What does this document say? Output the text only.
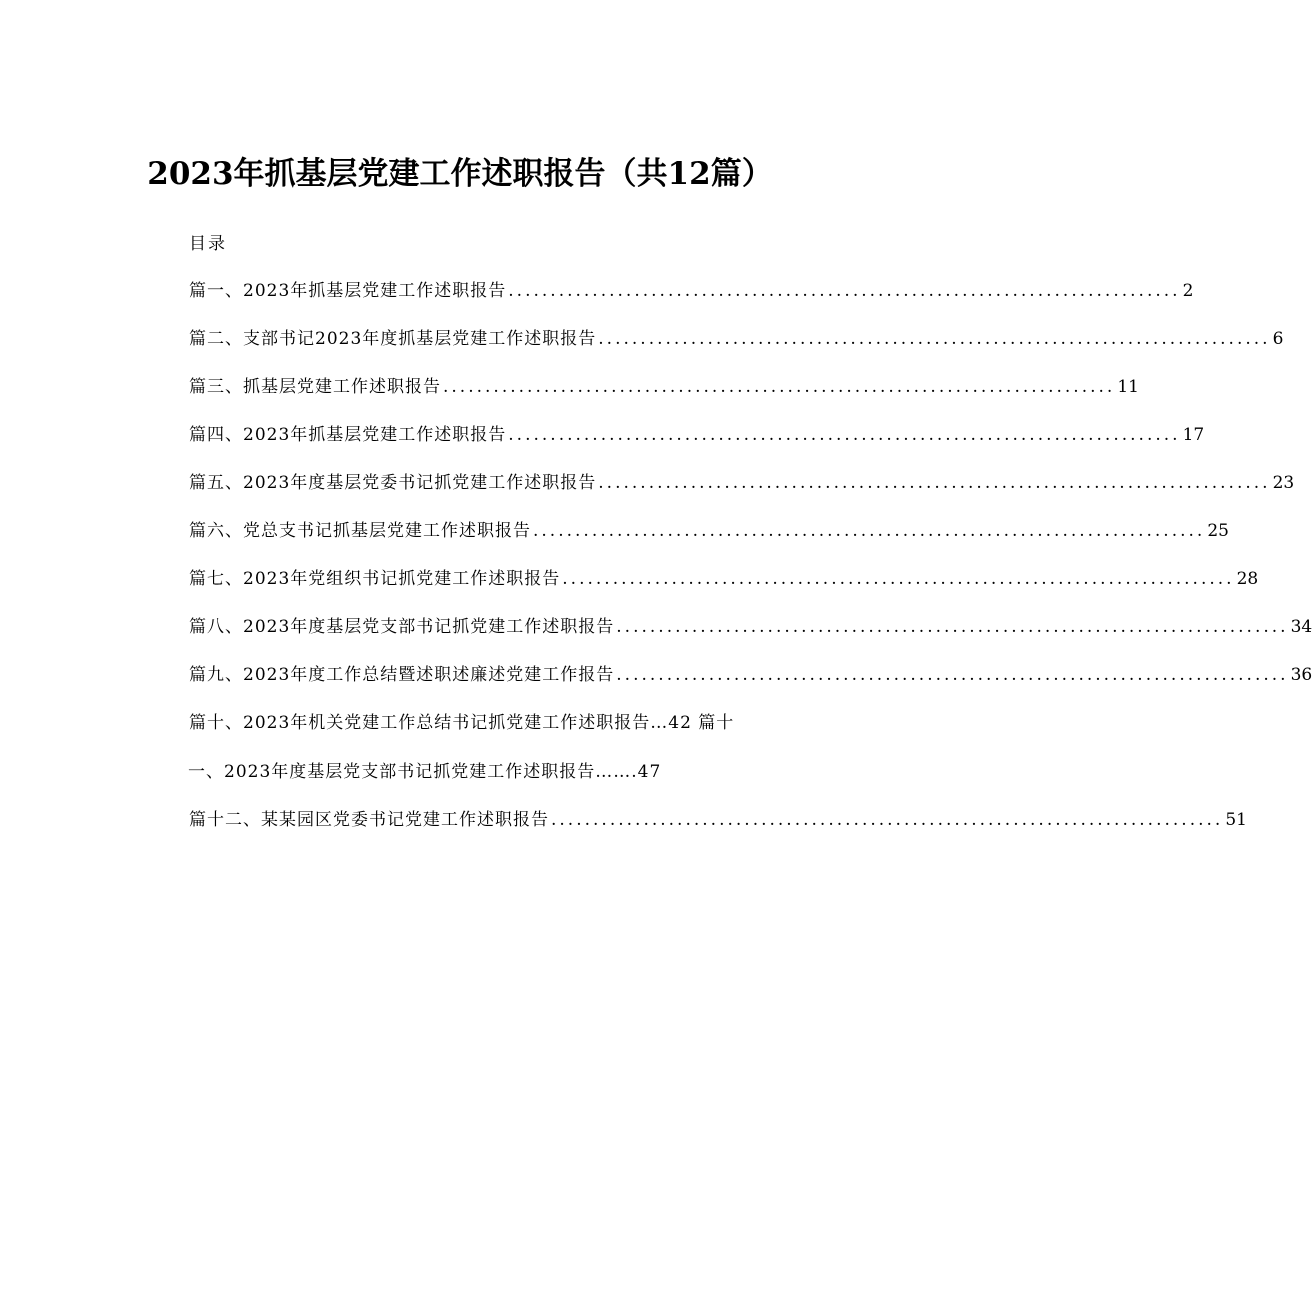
2023年抓基层党建工作述职报告（共12篇）
目录
篇一、2023年抓基层党建工作述职报告 ................................................................................ 2
篇二、支部书记2023年度抓基层党建工作述职报告 ................................................................................ 6
篇三、抓基层党建工作述职报告 ................................................................................ 11
篇四、2023年抓基层党建工作述职报告 ................................................................................ 17
篇五、2023年度基层党委书记抓党建工作述职报告 ................................................................................ 23
篇六、党总支书记抓基层党建工作述职报告 ................................................................................ 25
篇七、2023年党组织书记抓党建工作述职报告 ................................................................................ 28
篇八、2023年度基层党支部书记抓党建工作述职报告 ................................................................................ 34
篇九、2023年度工作总结暨述职述廉述党建工作报告 ................................................................................ 36
篇十、2023年机关党建工作总结书记抓党建工作述职报告…42 篇十
一、2023年度基层党支部书记抓党建工作述职报告…….47
篇十二、某某园区党委书记党建工作述职报告 ................................................................................ 51
